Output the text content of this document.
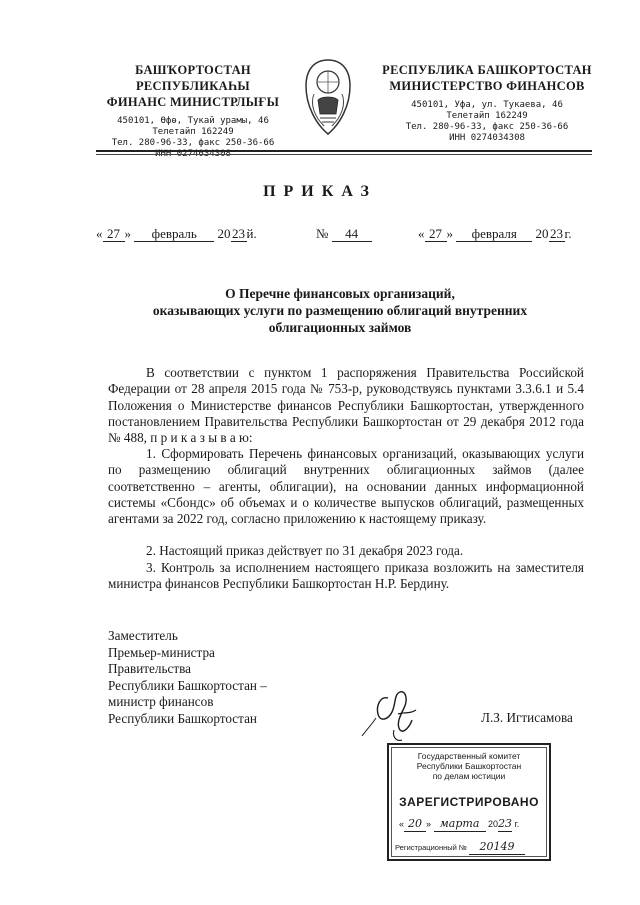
БАШҠОРТОСТАН РЕСПУБЛИКАҺЫ
ФИНАНС МИНИСТРЛЫҒЫ
450101, Өфө, Тукай урамы, 46
Телетайп 162249
Тел. 280-96-33, факс 250-36-66
ИНН 0274034308
РЕСПУБЛИКА БАШКОРТОСТАН
МИНИСТЕРСТВО ФИНАНСОВ
450101, Уфа, ул. Тукаева, 46
Телетайп 162249
Тел. 280-96-33, факс 250-36-66
ИНН 0274034308
ПРИКАЗ
« 27 » февраль 20 23 й.	№ 44	« 27 » февраля 20 23 г.
О Перечне финансовых организаций,
оказывающих услуги по размещению облигаций внутренних
облигационных займов
В соответствии с пунктом 1 распоряжения Правительства Российской Федерации от 28 апреля 2015 года № 753-р, руководствуясь пунктами 3.3.6.1 и 5.4 Положения о Министерстве финансов Республики Башкортостан, утвержденного постановлением Правительства Республики Башкортостан от 29 декабря 2012 года № 488, п р и к а з ы в а ю:
1. Сформировать Перечень финансовых организаций, оказывающих услуги по размещению облигаций внутренних облигационных займов (далее соответственно – агенты, облигации), на основании данных информационной системы «Сбондс» об объемах и о количестве выпусков облигаций, размещенных агентами за 2022 год, согласно приложению к настоящему приказу.
2. Настоящий приказ действует по 31 декабря 2023 года.
3. Контроль за исполнением настоящего приказа возложить на заместителя министра финансов Республики Башкортостан Н.Р. Бердину.
Заместитель
Премьер-министра
Правительства
Республики Башкортостан –
министр финансов
Республики Башкортостан	Л.З. Игтисамова
Государственный комитет
Республики Башкортостан
по делам юстиции
ЗАРЕГИСТРИРОВАНО
« 20 » марта 2023 г.
Регистрационный № 20149
